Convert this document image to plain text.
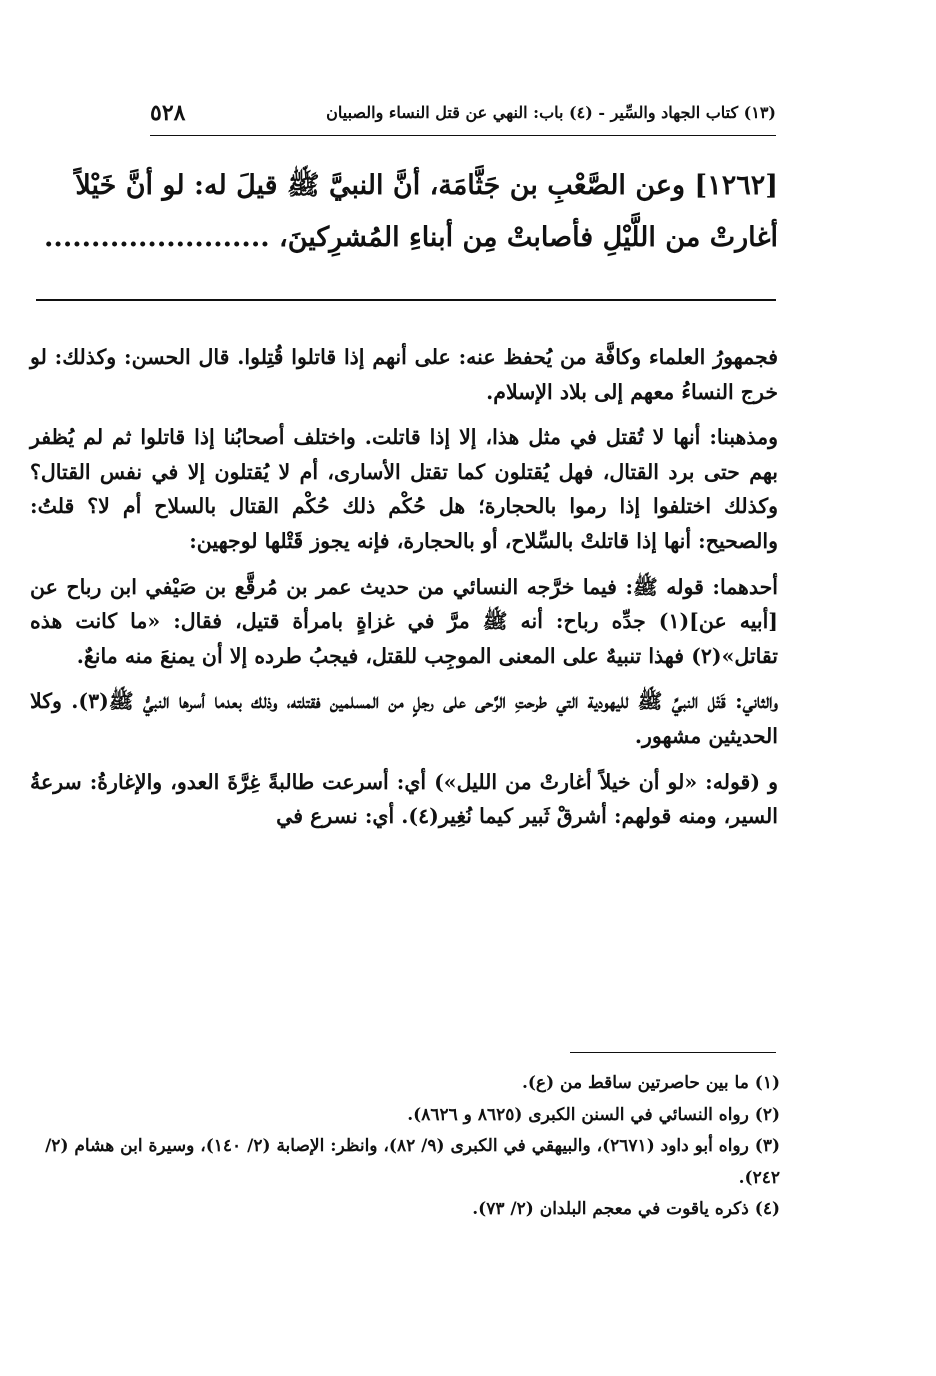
٥٢٨	(١٣) كتاب الجهاد والسِّير - (٤) باب: النهي عن قتل النساء والصبيان

[١٢٦٢] وعن الصَّعْبِ بن جَثَّامَة، أنَّ النبيَّ ﷺ قيلَ له: لو أنَّ خَيْلاً

أغارتْ من اللَّيْلِ فأصابتْ مِن أبناءِ المُشرِكينَ، ........................

فجمهورُ العلماء وكافَّة من يُحفظ عنه: على أنهم إذا قاتلوا قُتِلوا. قال الحسن: وكذلك: لو خرج النساءُ معهم إلى بلاد الإسلام.

ومذهبنا: أنها لا تُقتل في مثل هذا، إلا إذا قاتلت. واختلف أصحابُنا إذا قاتلوا ثم لم يُظفر بهم حتى برد القتال، فهل يُقتلون كما تقتل الأسارى، أم لا يُقتلون إلا في نفس القتال؟ وكذلك اختلفوا إذا رموا بالحجارة؛ هل حُكْم ذلك حُكْم القتال بالسلاح أم لا؟ قلتُ: والصحيح: أنها إذا قاتلتْ بالسِّلاح، أو بالحجارة، فإنه يجوز قَتْلها لوجهين:

أحدهما: قوله ﷺ: فيما خرَّجه النسائي من حديث عمر بن مُرقَّع بن صَيْفي ابن رباح عن [أبيه عن](١) جدِّه رباح: أنه ﷺ مرَّ في غزاةٍ بامرأة قتيل، فقال: «ما كانت هذه تقاتل»(٢) فهذا تنبيهٌ على المعنى الموجِب للقتل، فيجبُ طرده إلا أن يمنعَ منه مانعٌ.

والثاني: قَتْل النبيِّ ﷺ لليهودية التي طرحتِ الرَّحى على رجلٍ من المسلمين فقتلته، وذلك بعدما أسرها النبيُّ ﷺ(٣). وكلا الحديثين مشهور.

و (قوله: «لو أن خيلاً أغارتْ من الليل») أي: أسرعت طالبةً غِرَّةَ العدو، والإغارةُ: سرعةُ السير، ومنه قولهم: أشرقْ ثَبير كيما نُغِير(٤). أي: نسرع في

(١) ما بين حاصرتين ساقط من (ع).

(٢) رواه النسائي في السنن الكبرى (٨٦٢٥ و ٨٦٢٦).

(٣) رواه أبو داود (٢٦٧١)، والبيهقي في الكبرى (٩/ ٨٢)، وانظر: الإصابة (٢/ ١٤٠)، وسيرة ابن هشام (٢/ ٢٤٢).

(٤) ذكره ياقوت في معجم البلدان (٢/ ٧٣).
